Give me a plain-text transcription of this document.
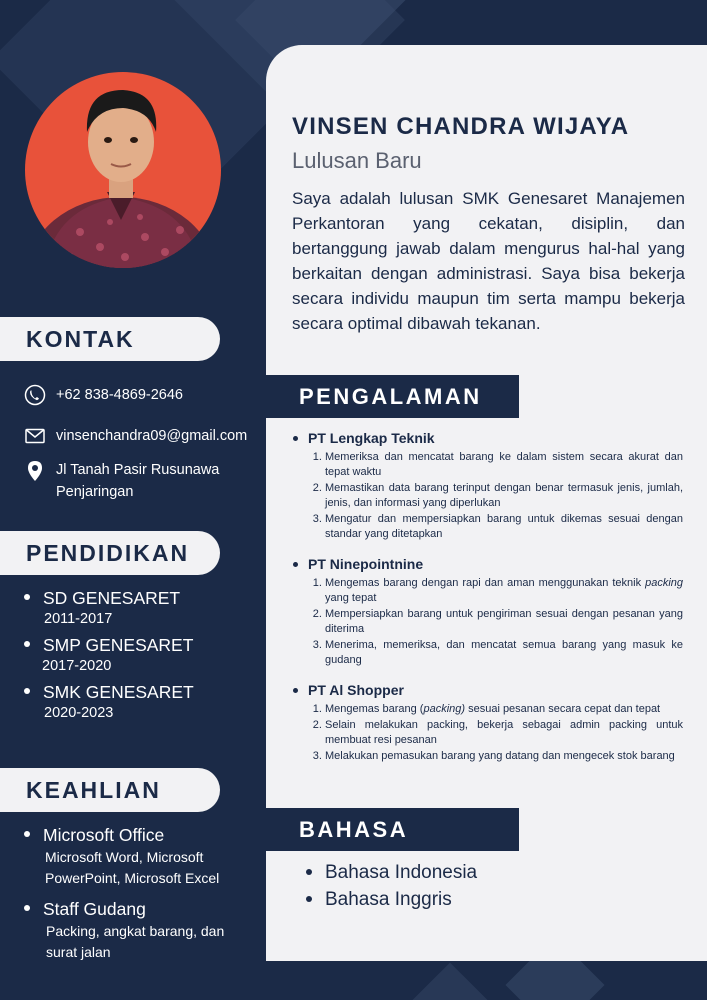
KONTAK
+62 838-4869-2646
vinsenchandra09@gmail.com
Jl Tanah Pasir Rusunawa
Penjaringan
PENDIDIKAN
SD GENESARET
2011-2017
SMP GENESARET
2017-2020
SMK GENESARET
2020-2023
KEAHLIAN
Microsoft Office
Microsoft Word, Microsoft
PowerPoint, Microsoft Excel
Staff Gudang
Packing, angkat barang, dan
surat jalan
VINSEN CHANDRA WIJAYA
Lulusan Baru
Saya adalah lulusan SMK Genesaret Manajemen Perkantoran yang cekatan, disiplin, dan bertanggung jawab dalam mengurus hal-hal yang berkaitan dengan administrasi. Saya bisa bekerja secara individu maupun tim serta mampu bekerja secara optimal dibawah tekanan.
PENGALAMAN
PT Lengkap Teknik
1. Memeriksa dan mencatat barang ke dalam sistem secara akurat dan tepat waktu
2. Memastikan data barang terinput dengan benar termasuk jenis, jumlah, jenis, dan informasi yang diperlukan
3. Mengatur dan mempersiapkan barang untuk dikemas sesuai dengan standar yang ditetapkan
PT Ninepointnine
1. Mengemas barang dengan rapi dan aman menggunakan teknik packing yang tepat
2. Mempersiapkan barang untuk pengiriman sesuai dengan pesanan yang diterima
3. Menerima, memeriksa, dan mencatat semua barang yang masuk ke gudang
PT Al Shopper
1. Mengemas barang (packing) sesuai pesanan secara cepat dan tepat
2. Selain melakukan packing, bekerja sebagai admin packing untuk membuat resi pesanan
3. Melakukan pemasukan barang yang datang dan mengecek stok barang
BAHASA
Bahasa Indonesia
Bahasa Inggris
